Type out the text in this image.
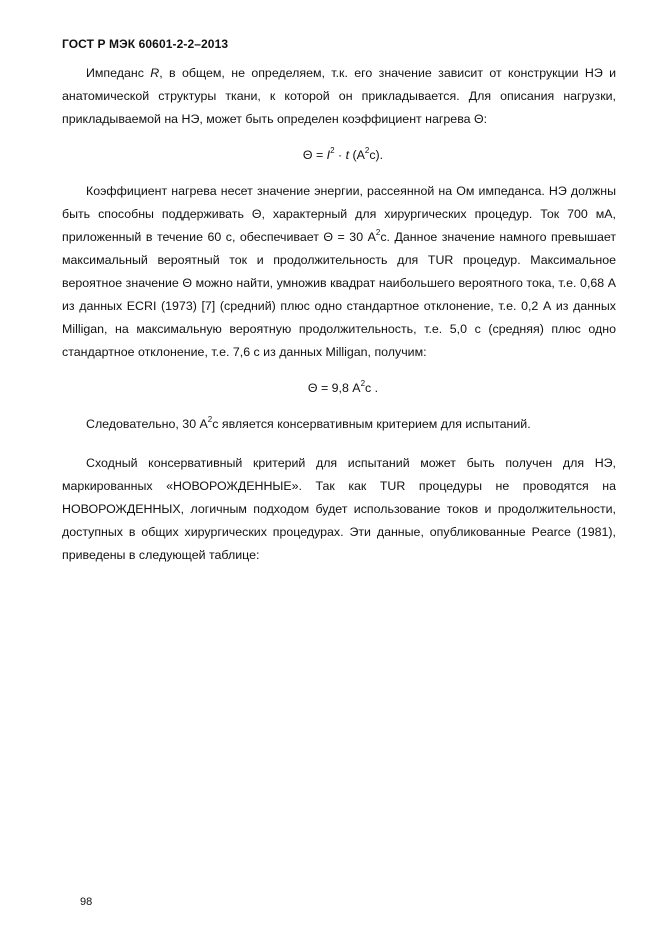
ГОСТ Р МЭК 60601-2-2–2013

Импеданс R, в общем, не определяем, т.к. его значение зависит от конструкции НЭ и анатомической структуры ткани, к которой он прикладывается. Для описания нагрузки, прикладываемой на НЭ, может быть определен коэффициент нагрева Θ:

$\Theta = I^2 \cdot t$ $(A^2c)$.

Коэффициент нагрева несет значение энергии, рассеянной на Ом импеданса. НЭ должны быть способны поддерживать Θ, характерный для хирургических процедур. Ток 700 мА, приложенный в течение 60 с, обеспечивает Θ = 30 $А^2с$. Данное значение намного превышает максимальный вероятный ток и продолжительность для TUR процедур. Максимальное вероятное значение Θ можно найти, умножив квадрат наибольшего вероятного тока, т.е. 0,68 А из данных ECRI (1973) [7] (средний) плюс одно стандартное отклонение, т.е. 0,2 А из данных Milligan, на максимальную вероятную продолжительность, т.е. 5,0 с (средняя) плюс одно стандартное отклонение, т.е. 7,6 с из данных Milligan, получим:

Θ = 9,8 $А^2с$ .

Следовательно, 30 $А^2с$ является консервативным критерием для испытаний.

Сходный консервативный критерий для испытаний может быть получен для НЭ, маркированных «НОВОРОЖДЕННЫЕ». Так как TUR процедуры не проводятся на НОВОРОЖДЕННЫХ, логичным подходом будет использование токов и продолжительности, доступных в общих хирургических процедурах. Эти данные, опубликованные Pearce (1981), приведены в следующей таблице:

98
